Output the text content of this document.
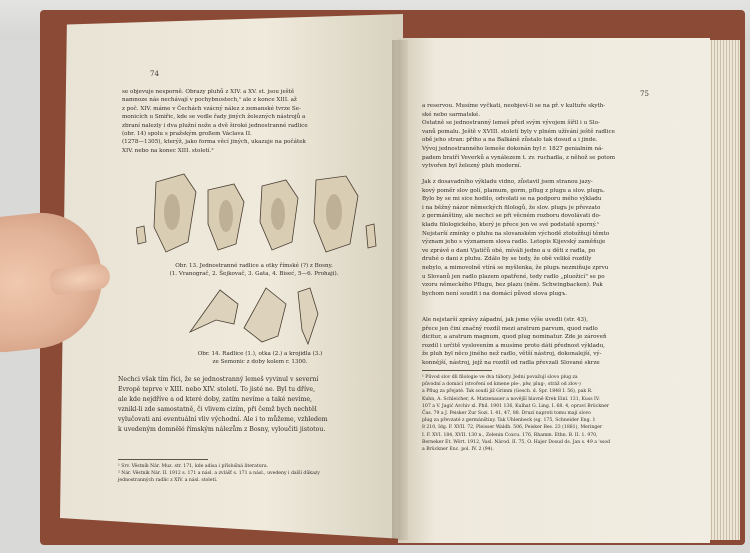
74
se objevuje nesporně. Obrazy pluhů z XIV. a XV. st. jsou ještě
namnoze nás nechávají v pochybnostech,¹ ale z konce XIII. až
z poč. XIV. máme v Čechách vzácný nález z zemanské tvrze Se-
monicích u Smiřic, kde se vedle řady jiných železných nástrojů a
zbraní nalezly i dva plužní nože a dvě široké jednostranné radlice
(obr. 14) spolu s pražským großem Václava II.
(1278—1305), kterýž, jako forma věcí jiných, ukazuje na počátek
XIV. nebo na konec XIII. století.²
Obr. 13. Jednostranné radlice a otky římské (?) z Bosny.
(1. Vranograč, 2. Šejkovač, 3. Gata, 4. Biseć, 5—6. Prohaji).
Obr. 14. Radlice (1.), otka (2.) a krojidla (3.)
ze Semonic z doby kolem r. 1300.
Nechci však tím říci, že se jednostranný lemeš vyvinul v severní
Evropě teprve v XIII. nebo XIV. století. To jisté ne. Byl tu dříve,
ale kde nejdříve a od které doby, zatím nevíme a také nevíme,
vznikl-li zde samostatně, či vlivem cizím, při čemž bych nechtěl
vylučovati ani eventuální vliv východní. Ale i to můžeme, vzhledem
k uvedeným domnělé římským nálezům z Bosny, vyloučiti jistotou.
¹ Srv. Věstník Nár. Muz. str. 171, kde adisa i příslušná literatura.
² Nár. Věstník Nár. II. 1912 s. 171 a násl. a zvlášť s. 171 a násl., uvedeny i další důkazy
jednostranných radlic z XIV. a násl. století.
75
a reservou. Musíme vyčkati, neobjeví-li se na př. v kultuře skyth-
ské nebo sarmatské.
Ostatně se jednostranný lemeš před svým vývojem šířil i u Slo-
vanů pomalu. Ještě v XVIII. století byly v plném užívání ještě radlice
obě jeho stran: přiho a na Balkáně zůstalo tak dosud a i jinde.
Vývoj jednostranného lemeše dokonán byl r. 1827 genialním ná-
padem bratří Veverků a vynálezem t. zv. ruchadla, z něhož se potom
vytvořen byl železný pluh moderní.
Jak z dosavadního výkladu vidno, zůstavil jsem stranou jazy-
kový poměr slov golí, plamum, gorm, pflug z plugu a slov. plugъ.
Bylo by se mi sice hodilo, odvolati se na podporu mého výkladu
i na běžný názor německých filologů, že slov. plugъ je převzato
z germánštiny, ale nechci se při věcném rozboru dovolávati do-
kladu filologického, který je přece jen ve své podstatě sporný.¹
Nejstarší zmínky o pluhu na slovanském východě ztotožňují těmto
význam jeho s významem slova radlo. Letopis Kijevský zaměňuje
ve zprávě o dani Vjatičů obé, míváli jedno a u děti z radla, po
druhé o dani z pluhu. Zdálo by se tedy, že obě veliké rozdíly
nebylo, a mimovolně vtírá se myšlenka, že plugъ nezmiňuje zprvu
u Slovanů jen radlo plazem opatřené, tedy radlo „pluožicí" se po
vzoru německého Pflugu, bez plazu (něm. Schwingbacken). Pak
bychom není soudit i na domácí původ slova plugъ.
Ale nejstarší zprávy západní, jak jsme výše uvedli (str. 43),
přece jen činí značný rozdíl mezi aratrum parvum, quod radlo
dicitur, a aratrum magnum, quod plug nominatur. Zde je zároveň
rozdíl i určitě vyslovením a musíme proto dáti přednost výkladu,
že pluh byl něco jiného než radlo, větší nástroj, dokonalejší, vý-
konnější, nástroj, jejž na rozdíl od radla převzali Slované skrze
¹ Původ slov dlí filologie ve dva tábory. Jedni považují slovo plug za
původní a domácí (stvoření od kmene ple-, plw, plug-, stráž od zlov-)
a Pflug za přejaté. Tak soudí již Grimm (Gesch. d. Spr. 1848 I. 56), pak R.
Kuhn, A. Schleicher, A. Matzenauer a novější hlavně Krek Einl. 131, Kuss IV.
107 a V. Jagić Archiv xl. Phil. 1901 136, Kulhat G. Ling. I. 68. 4, opraví Brückner
Čas. 79 a J. Peisker Zur Sozi. I. 41, 47, 88. Druzí naproti tomu mají slovo
plug za převzaté z germánštiny. Tak Uhlenbeck (sg. 175, Schneider Eng. 1
8 210, Idg. F. XVII. 72, Pleisser Waldh. 506, Peisker Bes. 23 (1881), Meringer
I. F. XVI. 184, XVII. 130 n., Zelenin Coxcu. 176, Rhamm. Ethn. B. II. 1. 970,
Berneker Et. Wört. 1912, Vasl. Národ. II. 75, O. Hajer Dosud ds. Jan s. 49 a 'ssod
a Brückner Enc. pol. IV. 2 (94).
